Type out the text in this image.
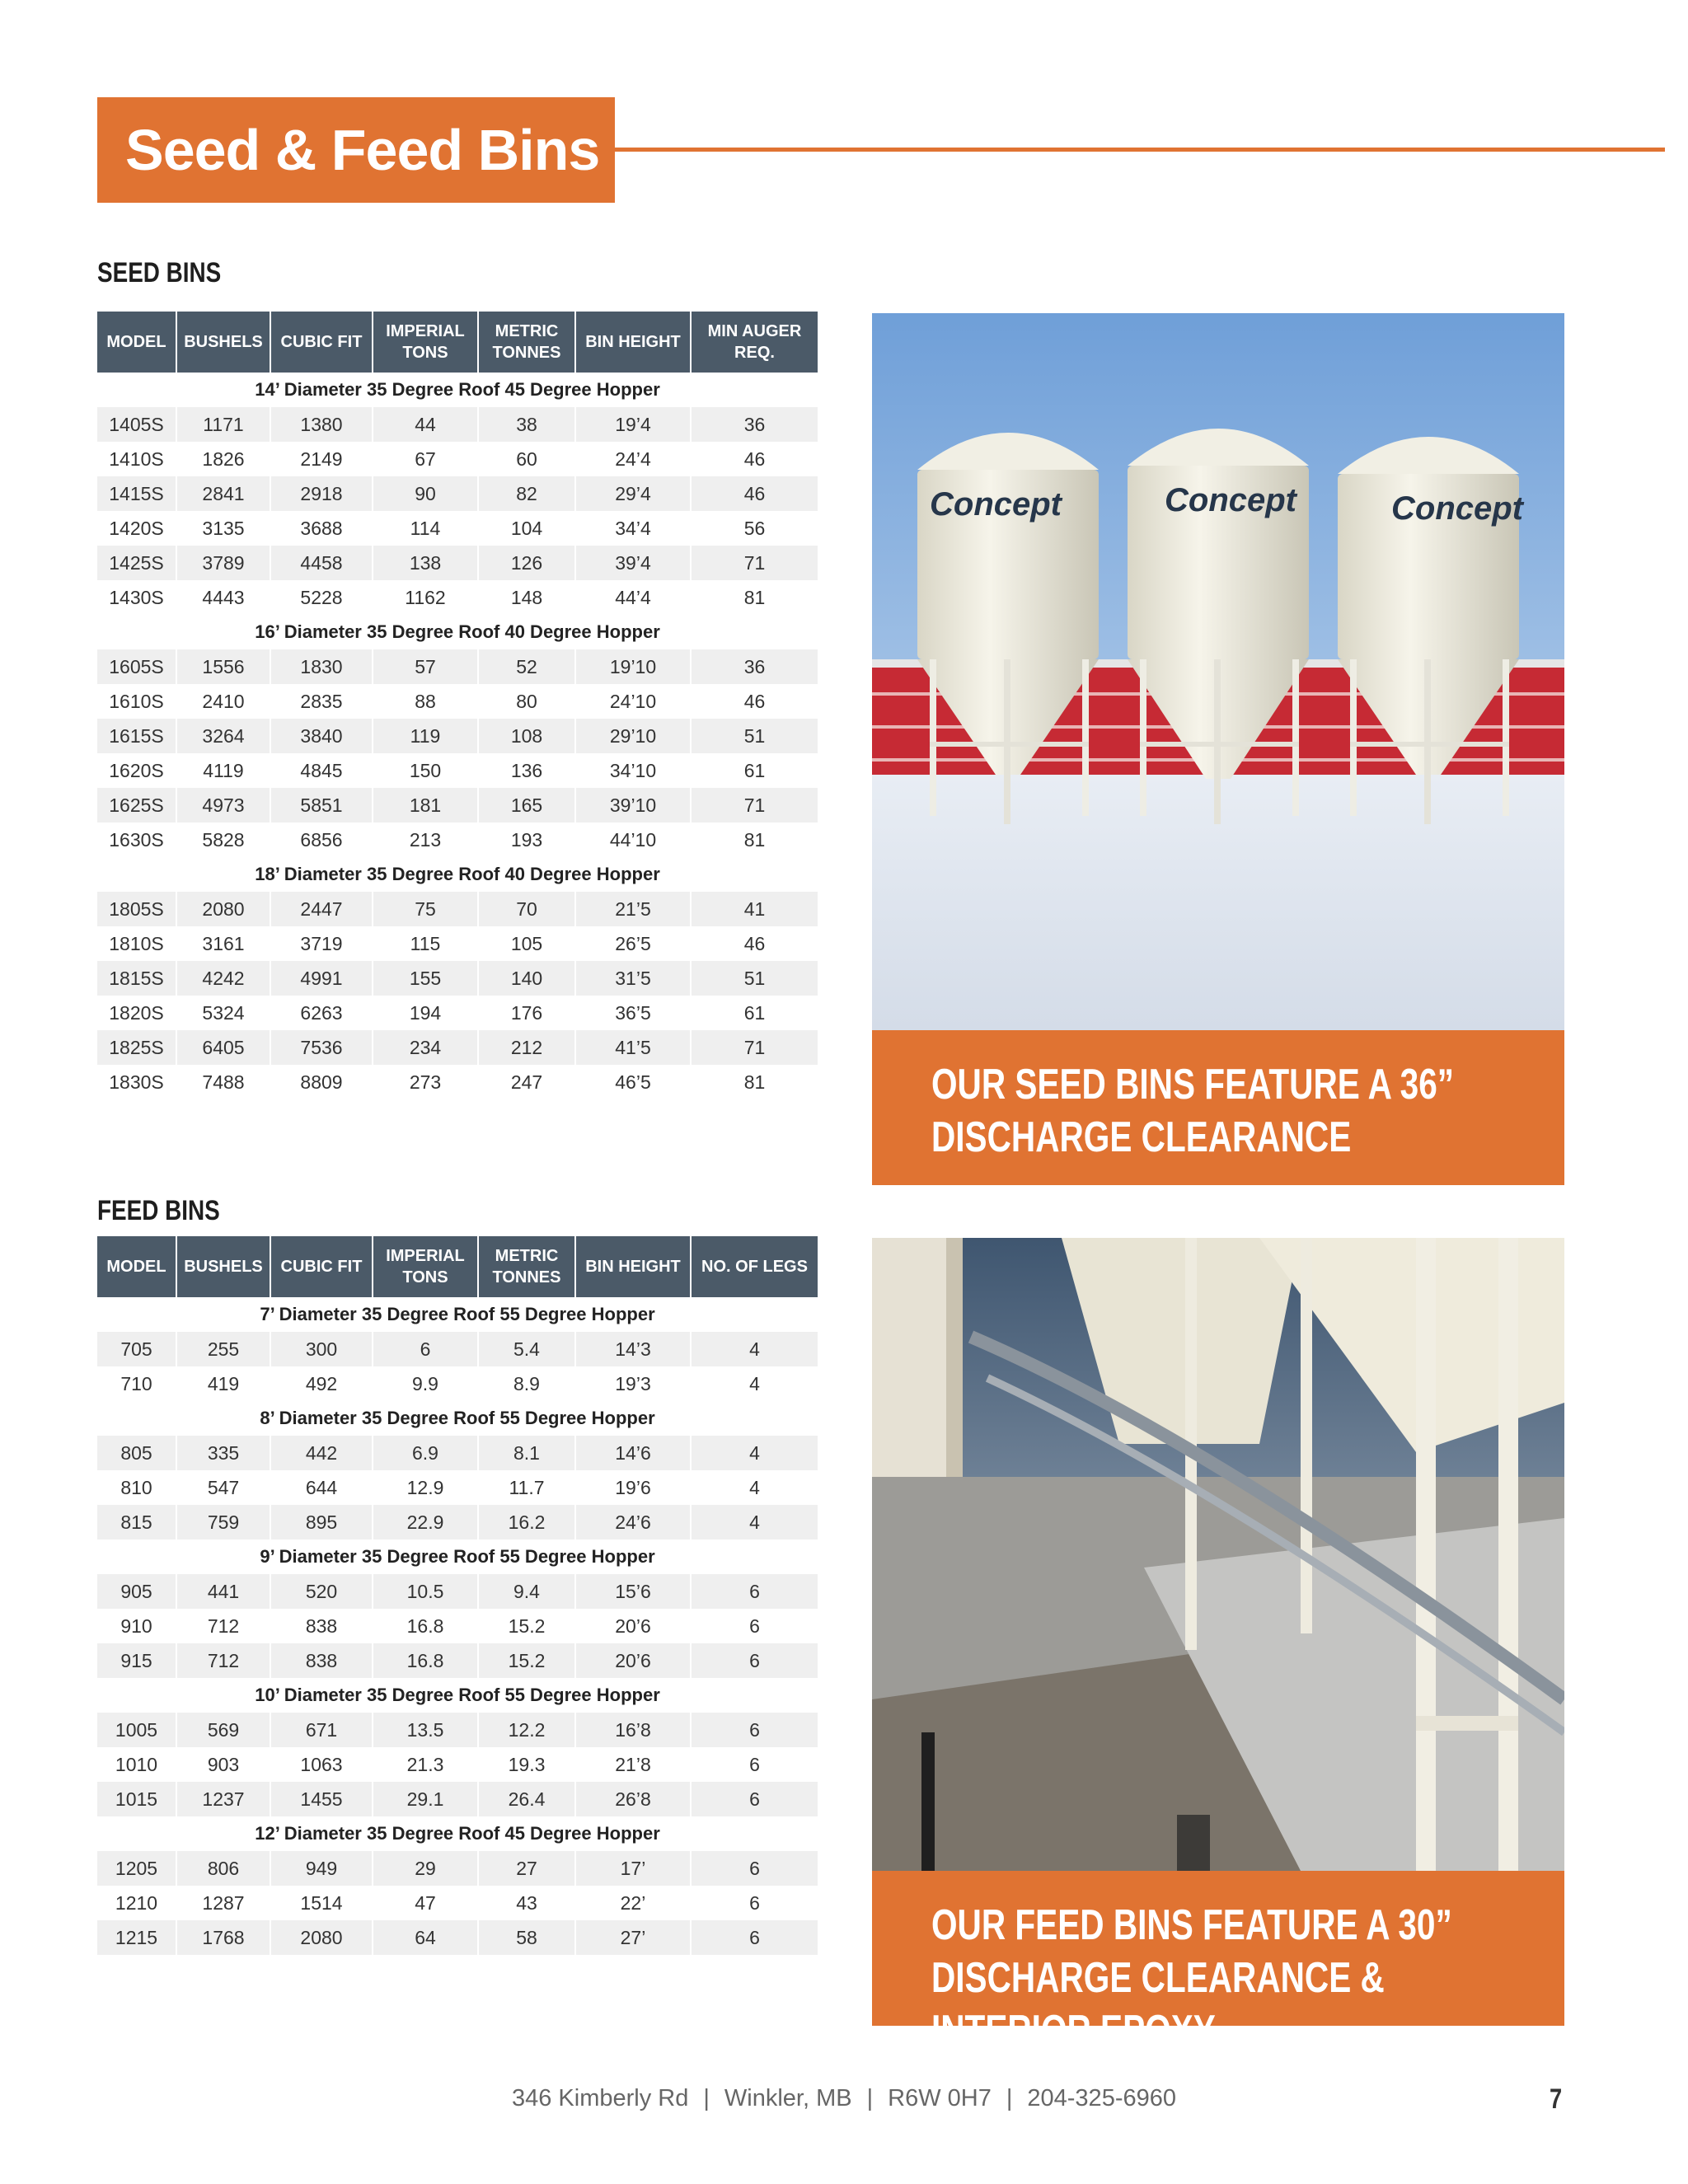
Seed & Feed Bins
SEED BINS
MODEL	BUSHELS	CUBIC FIT	IMPERIAL TONS	METRIC TONNES	BIN HEIGHT	MIN AUGER REQ.
14’ Diameter 35 Degree Roof 45 Degree Hopper						
1405S	1171	1380	44	38	19’4	36
1410S	1826	2149	67	60	24’4	46
1415S	2841	2918	90	82	29’4	46
1420S	3135	3688	114	104	34’4	56
1425S	3789	4458	138	126	39’4	71
1430S	4443	5228	1162	148	44’4	81
16’ Diameter 35 Degree Roof 40 Degree Hopper						
1605S	1556	1830	57	52	19’10	36
1610S	2410	2835	88	80	24’10	46
1615S	3264	3840	119	108	29’10	51
1620S	4119	4845	150	136	34’10	61
1625S	4973	5851	181	165	39’10	71
1630S	5828	6856	213	193	44’10	81
18’ Diameter 35 Degree Roof 40 Degree Hopper						
1805S	2080	2447	75	70	21’5	41
1810S	3161	3719	115	105	26’5	46
1815S	4242	4991	155	140	31’5	51
1820S	5324	6263	194	176	36’5	61
1825S	6405	7536	234	212	41’5	71
1830S	7488	8809	273	247	46’5	81
FEED BINS
MODEL	BUSHELS	CUBIC FIT	IMPERIAL TONS	METRIC TONNES	BIN HEIGHT	NO. OF LEGS
7’ Diameter 35 Degree Roof 55 Degree Hopper						
705	255	300	6	5.4	14’3	4
710	419	492	9.9	8.9	19’3	4
8’ Diameter 35 Degree Roof 55 Degree Hopper						
805	335	442	6.9	8.1	14’6	4
810	547	644	12.9	11.7	19’6	4
815	759	895	22.9	16.2	24’6	4
9’ Diameter 35 Degree Roof 55 Degree Hopper						
905	441	520	10.5	9.4	15’6	6
910	712	838	16.8	15.2	20’6	6
915	712	838	16.8	15.2	20’6	6
10’ Diameter 35 Degree Roof 55 Degree Hopper						
1005	569	671	13.5	12.2	16’8	6
1010	903	1063	21.3	19.3	21’8	6
1015	1237	1455	29.1	26.4	26’8	6
12’ Diameter 35 Degree Roof 45 Degree Hopper						
1205	806	949	29	27	17’	6
1210	1287	1514	47	43	22’	6
1215	1768	2080	64	58	27’	6
Concept	Concept	Concept
OUR SEED BINS FEATURE A 36” DISCHARGE CLEARANCE
OUR FEED BINS FEATURE A 30” DISCHARGE CLEARANCE & INTERIOR EPOXY
346 Kimberly Rd | Winkler, MB | R6W 0H7 | 204-325-6960	7
